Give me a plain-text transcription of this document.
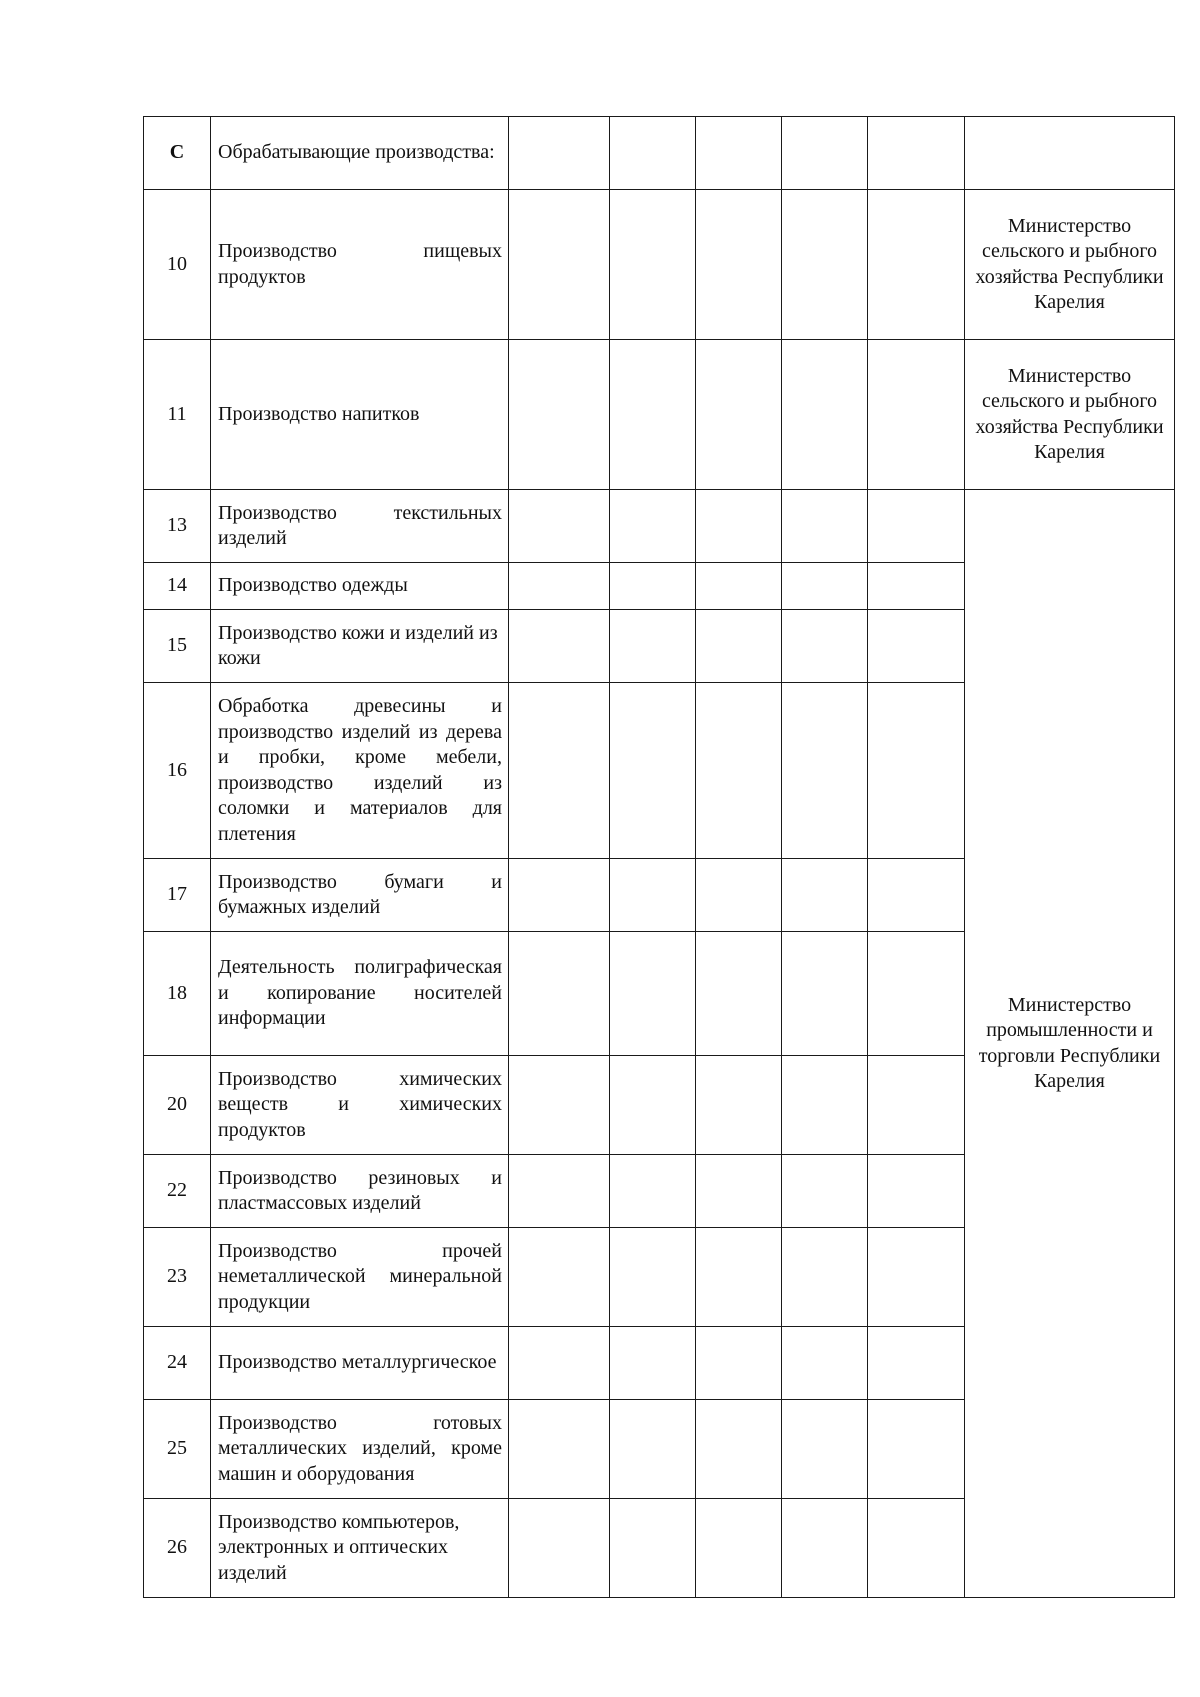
С	Обрабатывающие производства:						
10	Производство пищевых продуктов						Министерство сельского и рыбного хозяйства Республики Карелия
11	Производство напитков						Министерство сельского и рыбного хозяйства Республики Карелия
13	Производство текстильных изделий						Министерство промышленности и торговли Республики Карелия
14	Производство одежды						
15	Производство кожи и изделий из кожи						
16	Обработка древесины и производство изделий из дерева и пробки, кроме мебели, производство изделий из соломки и материалов для плетения						
17	Производство бумаги и бумажных изделий						
18	Деятельность полиграфическая и копирование носителей информации						
20	Производство химических веществ и химических продуктов						
22	Производство резиновых и пластмассовых изделий						
23	Производство прочей неметаллической минеральной продукции						
24	Производство металлургическое						
25	Производство готовых металлических изделий, кроме машин и оборудования						
26	Производство компьютеров, электронных и оптических изделий						
